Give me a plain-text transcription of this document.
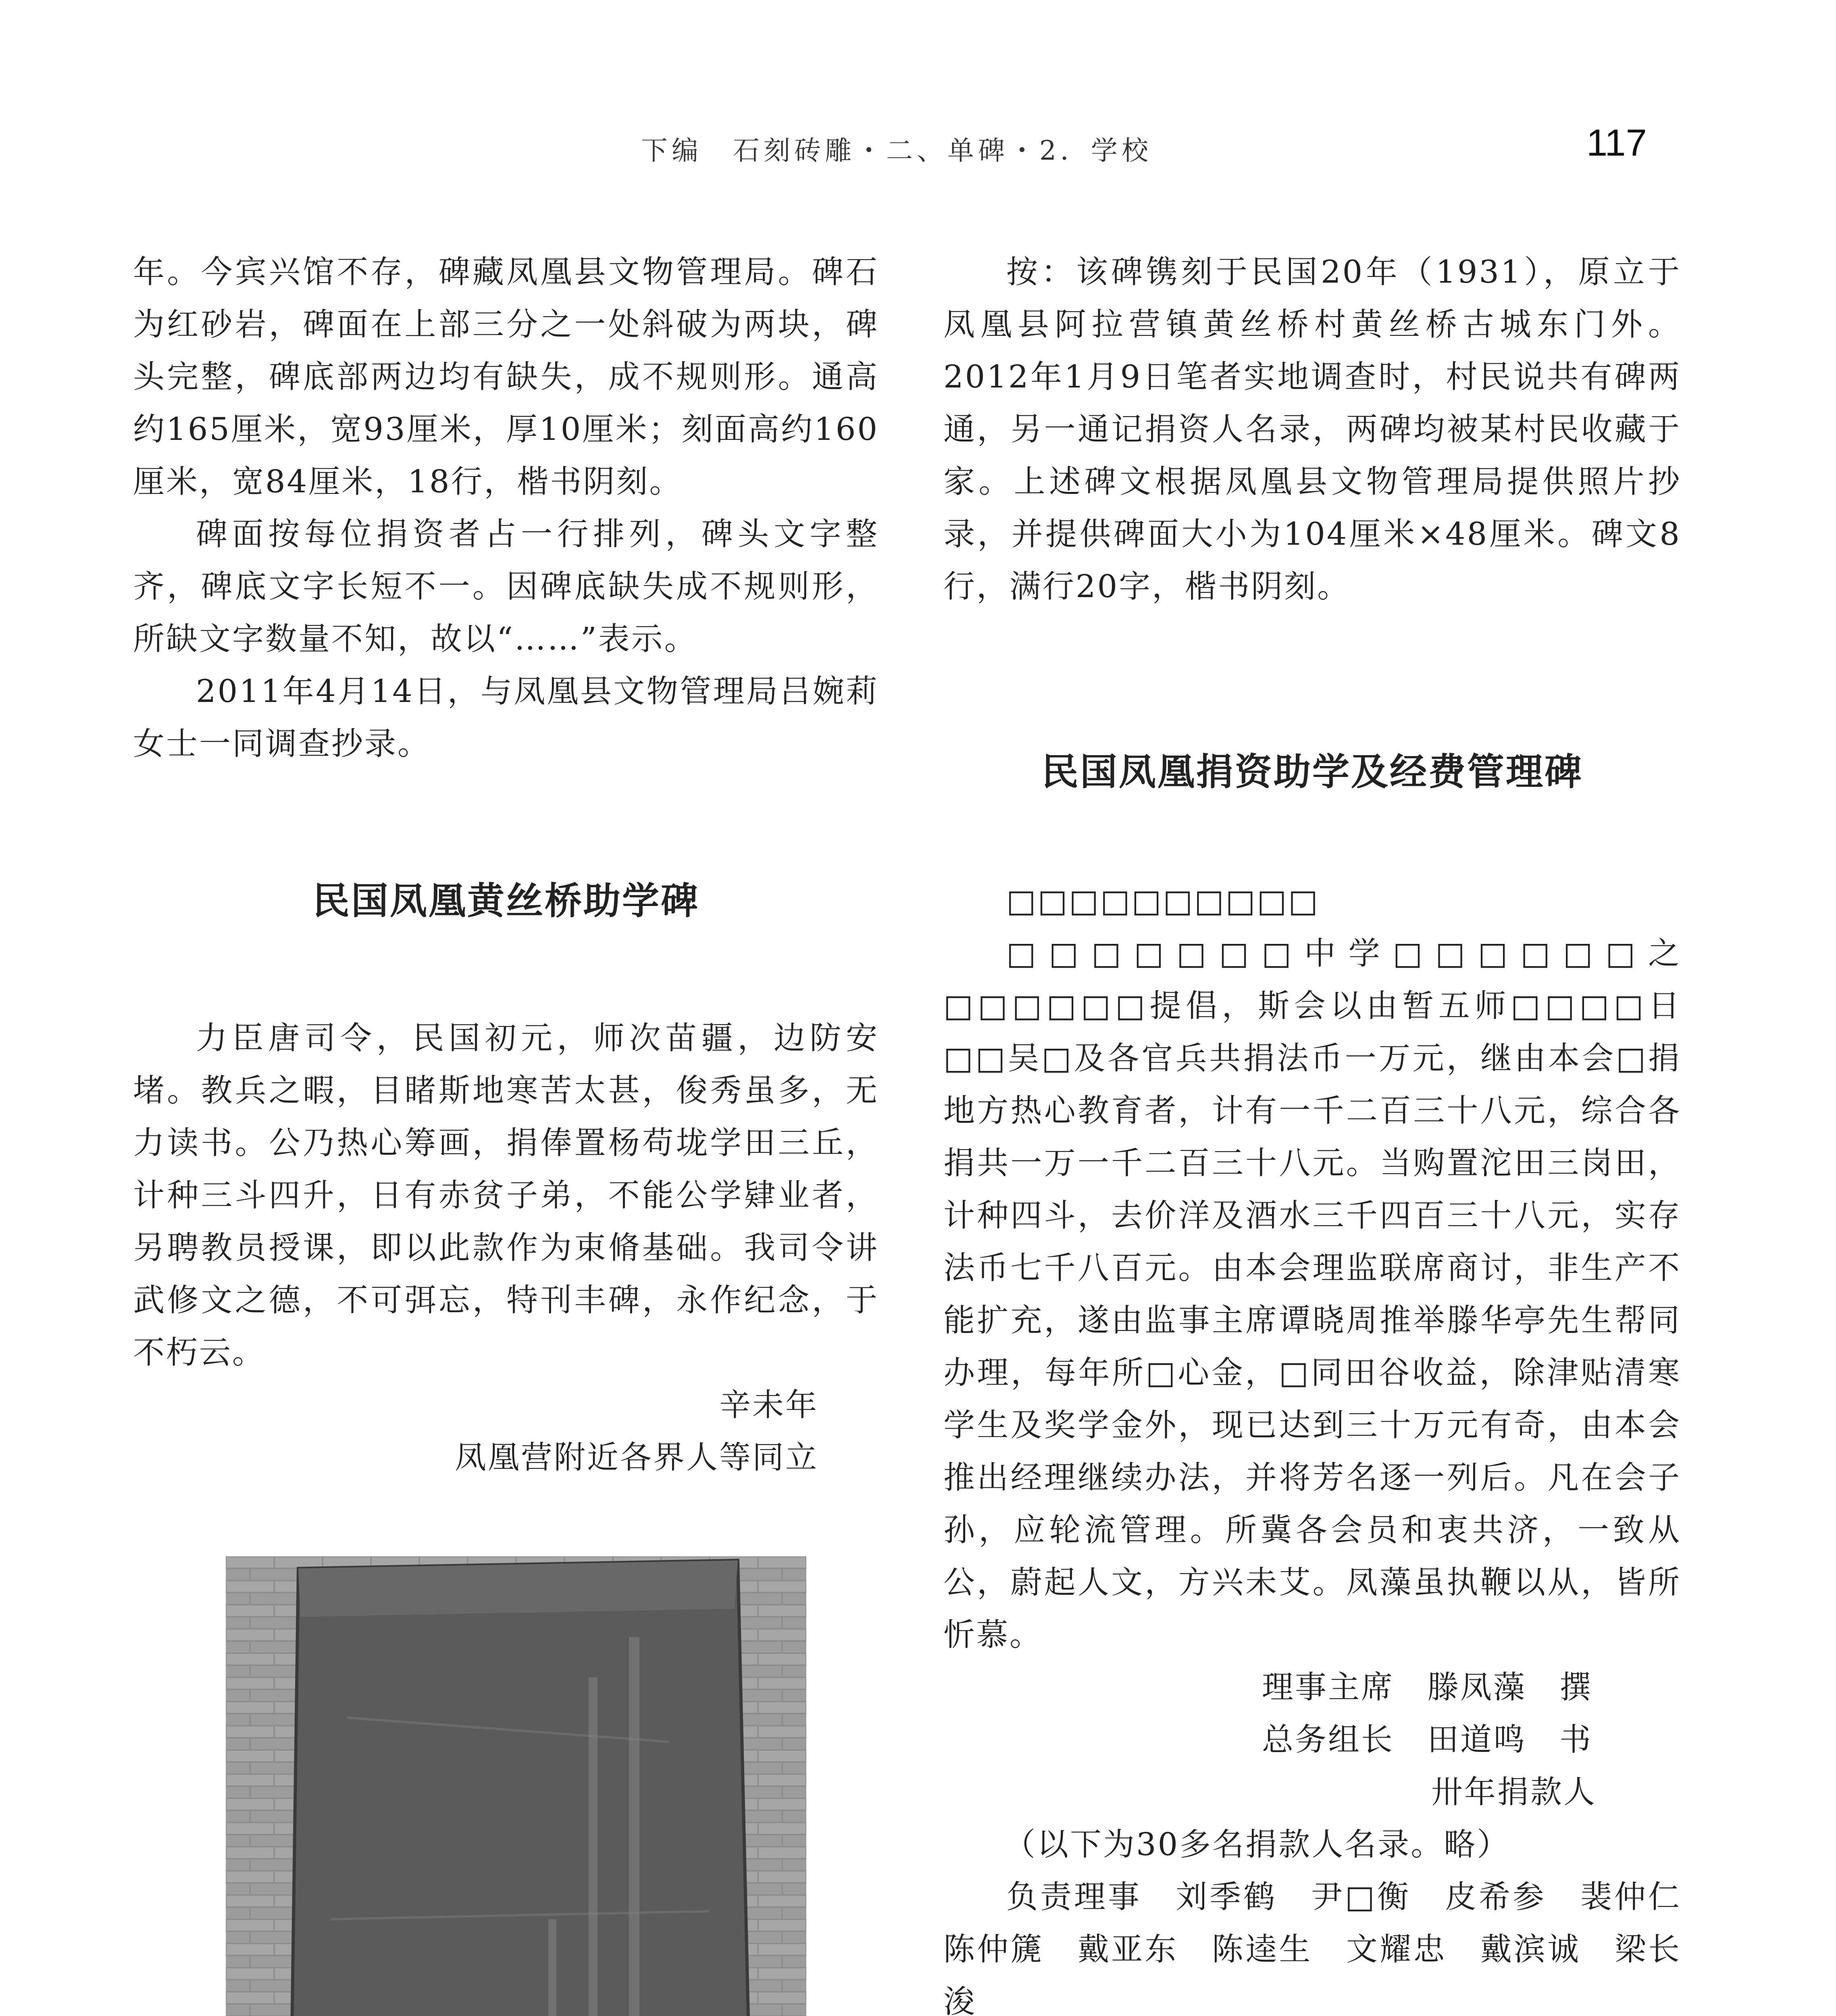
下编　石刻砖雕・二、单碑・2．学校	117

年。今宾兴馆不存，碑藏凤凰县文物管理局。碑石为红砂岩，碑面在上部三分之一处斜破为两块，碑头完整，碑底部两边均有缺失，成不规则形。通高约165厘米，宽93厘米，厚10厘米；刻面高约160厘米，宽84厘米，18行，楷书阴刻。

碑面按每位捐资者占一行排列，碑头文字整齐，碑底文字长短不一。因碑底缺失成不规则形，所缺文字数量不知，故以“……”表示。

2011年4月14日，与凤凰县文物管理局吕婉莉女士一同调查抄录。

民国凤凰黄丝桥助学碑

力臣唐司令，民国初元，师次苗疆，边防安堵。教兵之暇，目睹斯地寒苦太甚，俊秀虽多，无力读书。公乃热心筹画，捐俸置杨苟垅学田三丘，计种三斗四升，日有赤贫子弟，不能公学肄业者，另聘教员授课，即以此款作为束脩基础。我司令讲武修文之德，不可弭忘，特刊丰碑，永作纪念，于不朽云。

辛未年

凤凰营附近各界人等同立

按：该碑镌刻于民国20年（1931），原立于凤凰县阿拉营镇黄丝桥村黄丝桥古城东门外。2012年1月9日笔者实地调查时，村民说共有碑两通，另一通记捐资人名录，两碑均被某村民收藏于家。上述碑文根据凤凰县文物管理局提供照片抄录，并提供碑面大小为104厘米×48厘米。碑文8行，满行20字，楷书阴刻。

民国凤凰捐资助学及经费管理碑

□□□□□□□□□□

□□□□□□□中学□□□□□□之□□□□□□提倡，斯会以由暂五师□□□□日□□吴□及各官兵共捐法币一万元，继由本会□捐地方热心教育者，计有一千二百三十八元，综合各捐共一万一千二百三十八元。当购置沱田三岗田，计种四斗，去价洋及酒水三千四百三十八元，实存法币七千八百元。由本会理监联席商讨，非生产不能扩充，遂由监事主席谭晓周推举滕华亭先生帮同办理，每年所□心金，□同田谷收益，除津贴清寒学生及奖学金外，现已达到三十万元有奇，由本会推出经理继续办法，并将芳名逐一列后。凡在会子孙，应轮流管理。所冀各会员和衷共济，一致从公，蔚起人文，方兴未艾。凤藻虽执鞭以从，皆所忻慕。

理事主席
　 滕凤藻
　 撰
总务组长
　 田道鸣
　 书

卅年捐款人

（以下为30多名捐款人名录。略）

负责理事　刘季鹤　尹□衡　皮希参　裴仲仁　陈仲篪　戴亚东　陈逵生　文耀忠　戴滨诚　梁长浚
